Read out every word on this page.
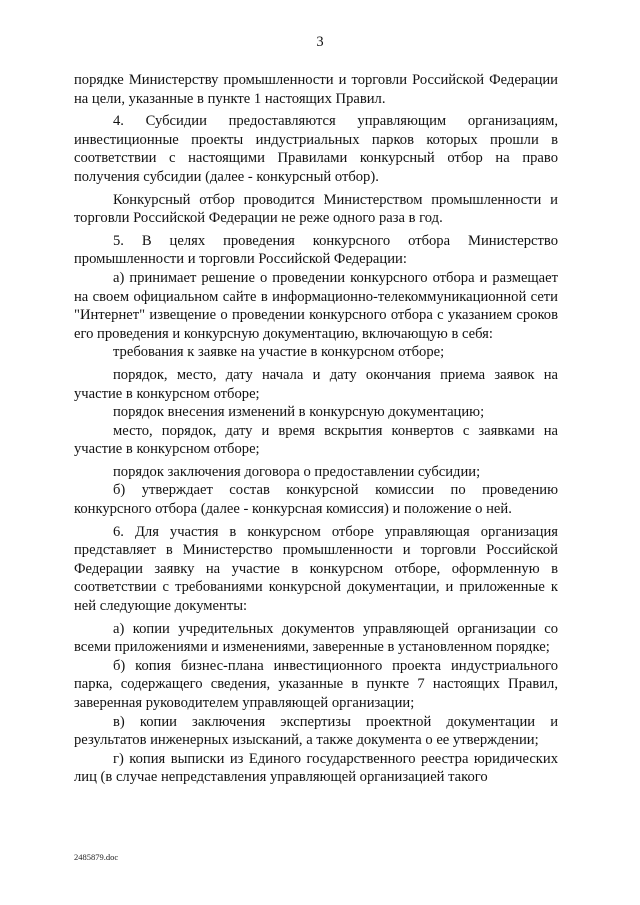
3

порядке Министерству промышленности и торговли Российской Федерации на цели, указанные в пункте 1 настоящих Правил.

4. Субсидии предоставляются управляющим организациям, инвестиционные проекты индустриальных парков которых прошли в соответствии с настоящими Правилами конкурсный отбор на право получения субсидии (далее - конкурсный отбор).

Конкурсный отбор проводится Министерством промышленности и торговли Российской Федерации не реже одного раза в год.

5. В целях проведения конкурсного отбора Министерство промышленности и торговли Российской Федерации:

а) принимает решение о проведении конкурсного отбора и размещает на своем официальном сайте в информационно-телекоммуникационной сети "Интернет" извещение о проведении конкурсного отбора с указанием сроков его проведения и конкурсную документацию, включающую в себя:

требования к заявке на участие в конкурсном отборе;

порядок, место, дату начала и дату окончания приема заявок на участие в конкурсном отборе;

порядок внесения изменений в конкурсную документацию;

место, порядок, дату и время вскрытия конвертов с заявками на участие в конкурсном отборе;

порядок заключения договора о предоставлении субсидии;

б) утверждает состав конкурсной комиссии по проведению конкурсного отбора (далее - конкурсная комиссия) и положение о ней.

6. Для участия в конкурсном отборе управляющая организация представляет в Министерство промышленности и торговли Российской Федерации заявку на участие в конкурсном отборе, оформленную в соответствии с требованиями конкурсной документации, и приложенные к ней следующие документы:

а) копии учредительных документов управляющей организации со всеми приложениями и изменениями, заверенные в установленном порядке;

б) копия бизнес-плана инвестиционного проекта индустриального парка, содержащего сведения, указанные в пункте 7 настоящих Правил, заверенная руководителем управляющей организации;

в) копии заключения экспертизы проектной документации и результатов инженерных изысканий, а также документа о ее утверждении;

г) копия выписки из Единого государственного реестра юридических лиц (в случае непредставления управляющей организацией такого

2485879.doc
